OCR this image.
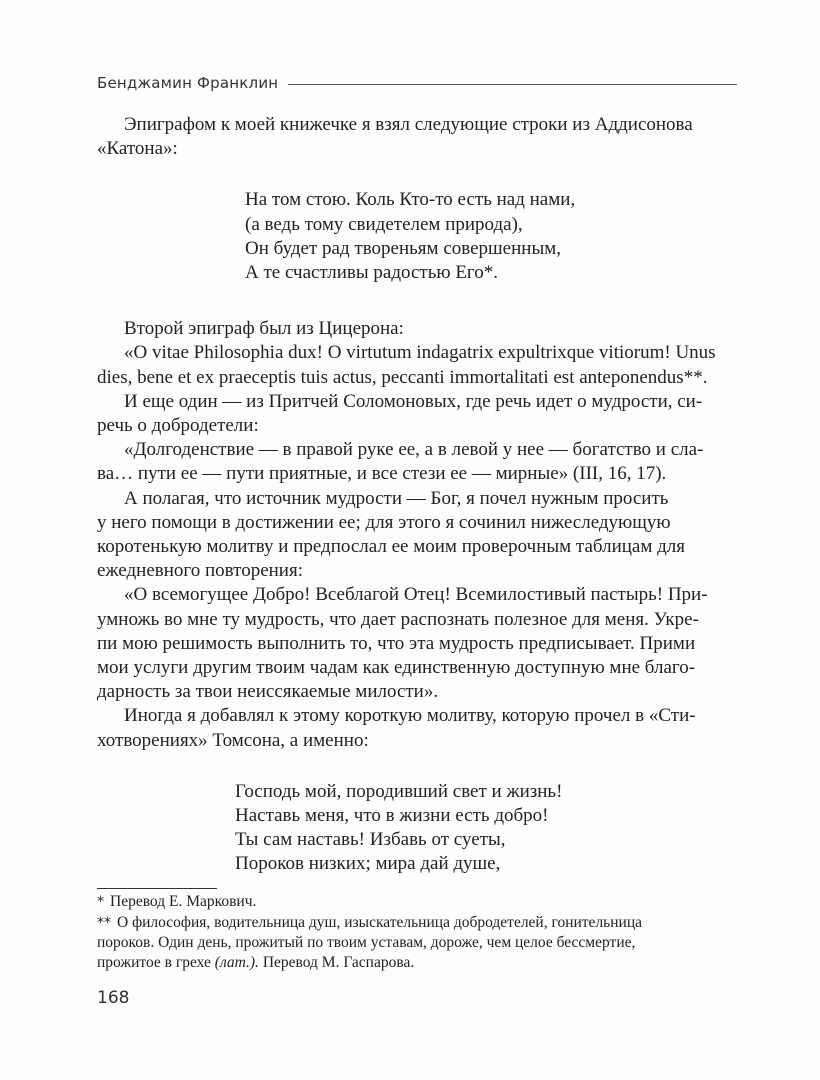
Бенджамин Франклин

Эпиграфом к моей книжечке я взял следующие строки из Аддисонова
«Катона»:

На том стою. Коль Кто-то есть над нами,
(а ведь тому свидетелем природа),
Он будет рад твореньям совершенным,
А те счастливы радостью Его*.

Второй эпиграф был из Цицерона:

«O vitae Philosophia dux! O virtutum indagatrix expultrixque vitiorum! Unus
dies, bene et ex praeceptis tuis actus, peccanti immortalitati est anteponendus**.

И еще один — из Притчей Соломоновых, где речь идет о мудрости, си-
речь о добродетели:

«Долгоденствие — в правой руке ее, а в левой у нее — богатство и сла-
ва… пути ее — пути приятные, и все стези ее — мирные» (III, 16, 17).

А полагая, что источник мудрости — Бог, я почел нужным просить
у него помощи в достижении ее; для этого я сочинил нижеследующую
коротенькую молитву и предпослал ее моим проверочным таблицам для
ежедневного повторения:

«О всемогущее Добро! Всеблагой Отец! Всемилостивый пастырь! При-
умножь во мне ту мудрость, что дает распознать полезное для меня. Укре-
пи мою решимость выполнить то, что эта мудрость предписывает. Прими
мои услуги другим твоим чадам как единственную доступную мне благо-
дарность за твои неиссякаемые милости».

Иногда я добавлял к этому короткую молитву, которую прочел в «Сти-
хотворениях» Томсона, а именно:

Господь мой, породивший свет и жизнь!
Наставь меня, что в жизни есть добро!
Ты сам наставь! Избавь от суеты,
Пороков низких; мира дай душе,

* Перевод Е. Маркович.

** О философия, водительница душ, изыскательница добродетелей, гонительница
пороков. Один день, прожитый по твоим уставам, дороже, чем целое бессмертие,
прожитое в грехе (лат.). Перевод М. Гаспарова.

168
